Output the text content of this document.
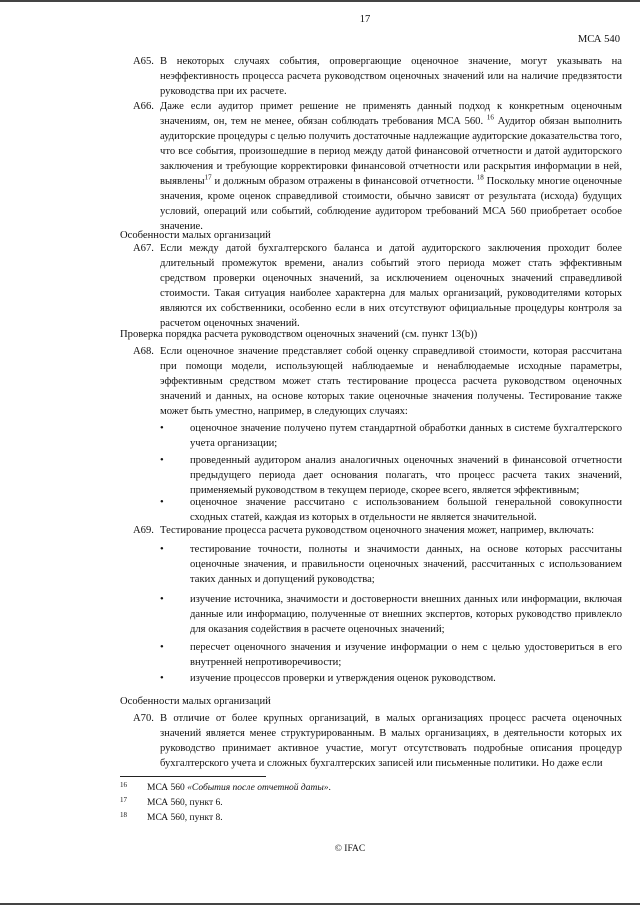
17
МСА 540
A65. В некоторых случаях события, опровергающие оценочное значение, могут указывать на неэффективность процесса расчета руководством оценочных значений или на наличие предвзятости руководства при их расчете.
A66. Даже если аудитор примет решение не применять данный подход к конкретным оценочным значениям, он, тем не менее, обязан соблюдать требования МСА 560. $^{16}$ Аудитор обязан выполнить аудиторские процедуры с целью получить достаточные надлежащие аудиторские доказательства того, что все события, произошедшие в период между датой финансовой отчетности и датой аудиторского заключения и требующие корректировки финансовой отчетности или раскрытия информации в ней, выявлены$^{17}$ и должным образом отражены в финансовой отчетности. $^{18}$ Поскольку многие оценочные значения, кроме оценок справедливой стоимости, обычно зависят от результата (исхода) будущих условий, операций или событий, соблюдение аудитором требований МСА 560 приобретает особое значение.
Особенности малых организаций
A67. Если между датой бухгалтерского баланса и датой аудиторского заключения проходит более длительный промежуток времени, анализ событий этого периода может стать эффективным средством проверки оценочных значений, за исключением оценочных значений справедливой стоимости. Такая ситуация наиболее характерна для малых организаций, руководителями которых являются их собственники, особенно если в них отсутствуют официальные процедуры контроля за расчетом оценочных значений.
Проверка порядка расчета руководством оценочных значений (см. пункт 13(b))
A68. Если оценочное значение представляет собой оценку справедливой стоимости, которая рассчитана при помощи модели, использующей наблюдаемые и ненаблюдаемые исходные параметры, эффективным средством может стать тестирование процесса расчета руководством оценочных значений и данных, на основе которых такие оценочные значения получены. Тестирование также может быть уместно, например, в следующих случаях:
• оценочное значение получено путем стандартной обработки данных в системе бухгалтерского учета организации;
• проведенный аудитором анализ аналогичных оценочных значений в финансовой отчетности предыдущего периода дает основания полагать, что процесс расчета таких значений, применяемый руководством в текущем периоде, скорее всего, является эффективным;
• оценочное значение рассчитано с использованием большой генеральной совокупности сходных статей, каждая из которых в отдельности не является значительной.
A69. Тестирование процесса расчета руководством оценочного значения может, например, включать:
• тестирование точности, полноты и значимости данных, на основе которых рассчитаны оценочные значения, и правильности оценочных значений, рассчитанных с использованием таких данных и допущений руководства;
• изучение источника, значимости и достоверности внешних данных или информации, включая данные или информацию, полученные от внешних экспертов, которых руководство привлекло для оказания содействия в расчете оценочных значений;
• пересчет оценочного значения и изучение информации о нем с целью удостовериться в его внутренней непротиворечивости;
• изучение процессов проверки и утверждения оценок руководством.
Особенности малых организаций
A70. В отличие от более крупных организаций, в малых организациях процесс расчета оценочных значений является менее структурированным. В малых организациях, в деятельности которых их руководство принимает активное участие, могут отсутствовать подробные описания процедур бухгалтерского учета и сложных бухгалтерских записей или письменные политики. Но даже если
16 МСА 560 «События после отчетной даты».
17 МСА 560, пункт 6.
18 МСА 560, пункт 8.
© IFAC
